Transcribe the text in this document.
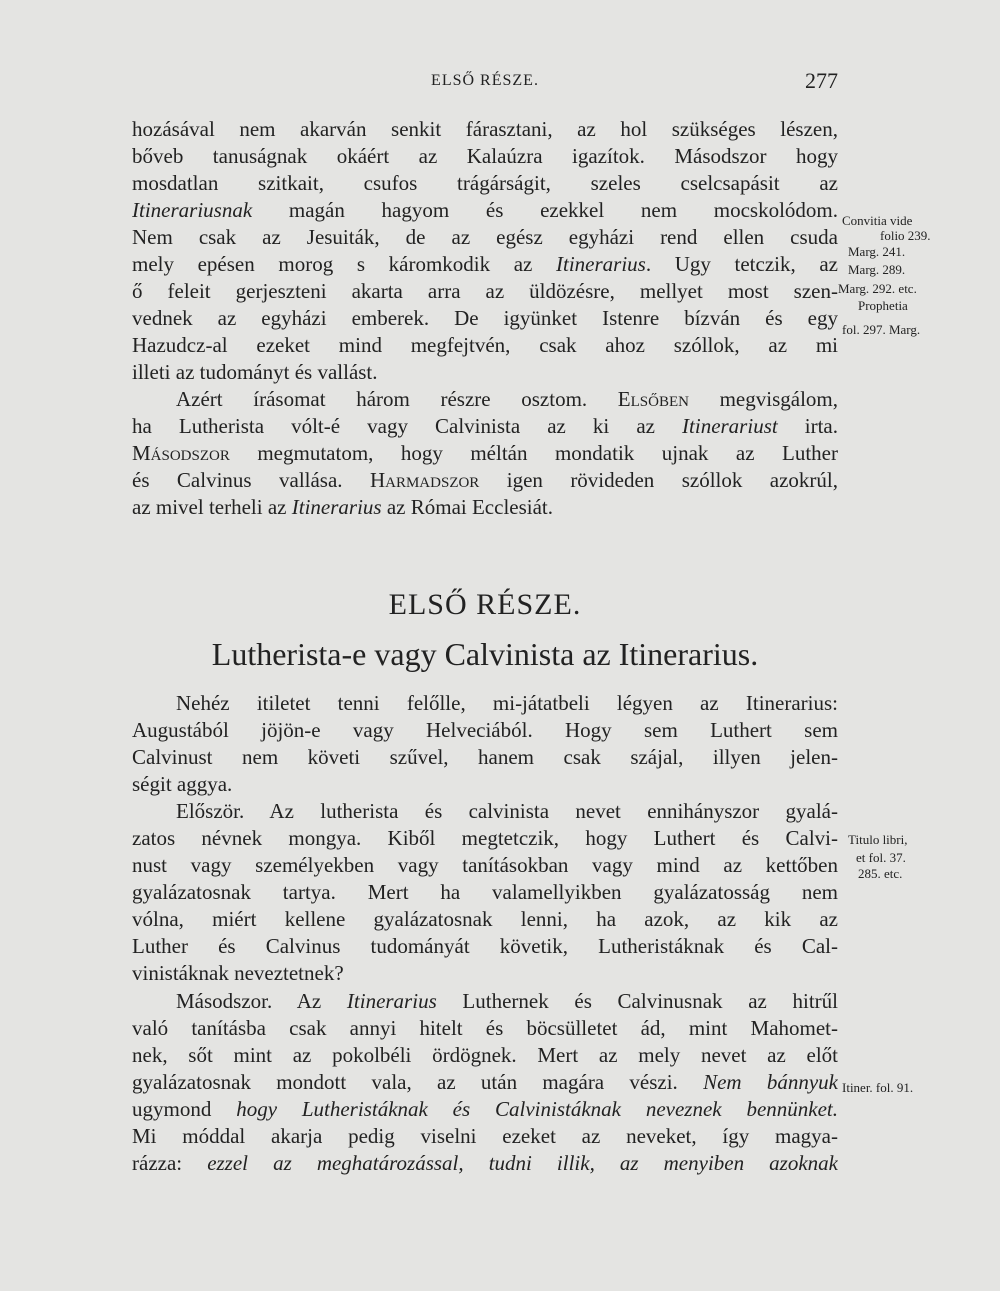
ELSŐ RÉSZE.	277
hozásával nem akarván senkit fárasztani, az hol szükséges lészen,
bőveb tanuságnak okáért az Kalaúzra igazítok. Másodszor hogy
mosdatlan szitkait, csufos trágárságit, szeles cselcsapásit az
Itinerariusnak magán hagyom és ezekkel nem mocskolódom.
Nem csak az Jesuiták, de az egész egyházi rend ellen csuda
mely epésen morog s káromkodik az Itinerarius. Ugy tetczik, az
ő feleit gerjeszteni akarta arra az üldözésre, mellyet most szen-
vednek az egyházi emberek. De igyünket Istenre bízván és egy
Hazudcz-al ezeket mind megfejtvén, csak ahoz szóllok, az mi
illeti az tudományt és vallást.
Azért írásomat három részre osztom. Elsőben megvisgálom,
ha Lutherista vólt-é vagy Calvinista az ki az Itinerariust irta.
Másodszor megmutatom, hogy méltán mondatik ujnak az Luther
és Calvinus vallása. Harmadszor igen rövideden szóllok azokrúl,
az mivel terheli az Itinerarius az Római Ecclesiát.
ELSŐ RÉSZE.
Lutherista-e vagy Calvinista az Itinerarius.
Nehéz itiletet tenni felőlle, mi-játatbeli légyen az Itinerarius:
Augustából jöjön-e vagy Helveciából. Hogy sem Luthert sem
Calvinust nem követi szűvel, hanem csak szájal, illyen jelen-
ségit aggya.
Először. Az lutherista és calvinista nevet ennihányszor gyalá-
zatos névnek mongya. Kiből megtetczik, hogy Luthert és Calvi-
nust vagy személyekben vagy tanításokban vagy mind az kettőben
gyalázatosnak tartya. Mert ha valamellyikben gyalázatosság nem
vólna, miért kellene gyalázatosnak lenni, ha azok, az kik az
Luther és Calvinus tudományát követik, Lutheristáknak és Cal-
vinistáknak neveztetnek?
Másodszor. Az Itinerarius Luthernek és Calvinusnak az hitrűl
való tanításba csak annyi hitelt és böcsülletet ád, mint Mahomet-
nek, sőt mint az pokolbéli ördögnek. Mert az mely nevet az előt
gyalázatosnak mondott vala, az után magára vészi. Nem bánnyuk
ugymond hogy Lutheristáknak és Calvinistáknak neveznek bennünket.
Mi móddal akarja pedig viselni ezeket az neveket, így magya-
rázza: ezzel az meghatározással, tudni illik, az menyiben azoknak
Convitia vide
folio 239.
Marg. 241.
Marg. 289.
Marg. 292. etc.
Prophetia
fol. 297. Marg.
Titulo libri,
et fol. 37.
285. etc.
Itiner. fol. 91.
